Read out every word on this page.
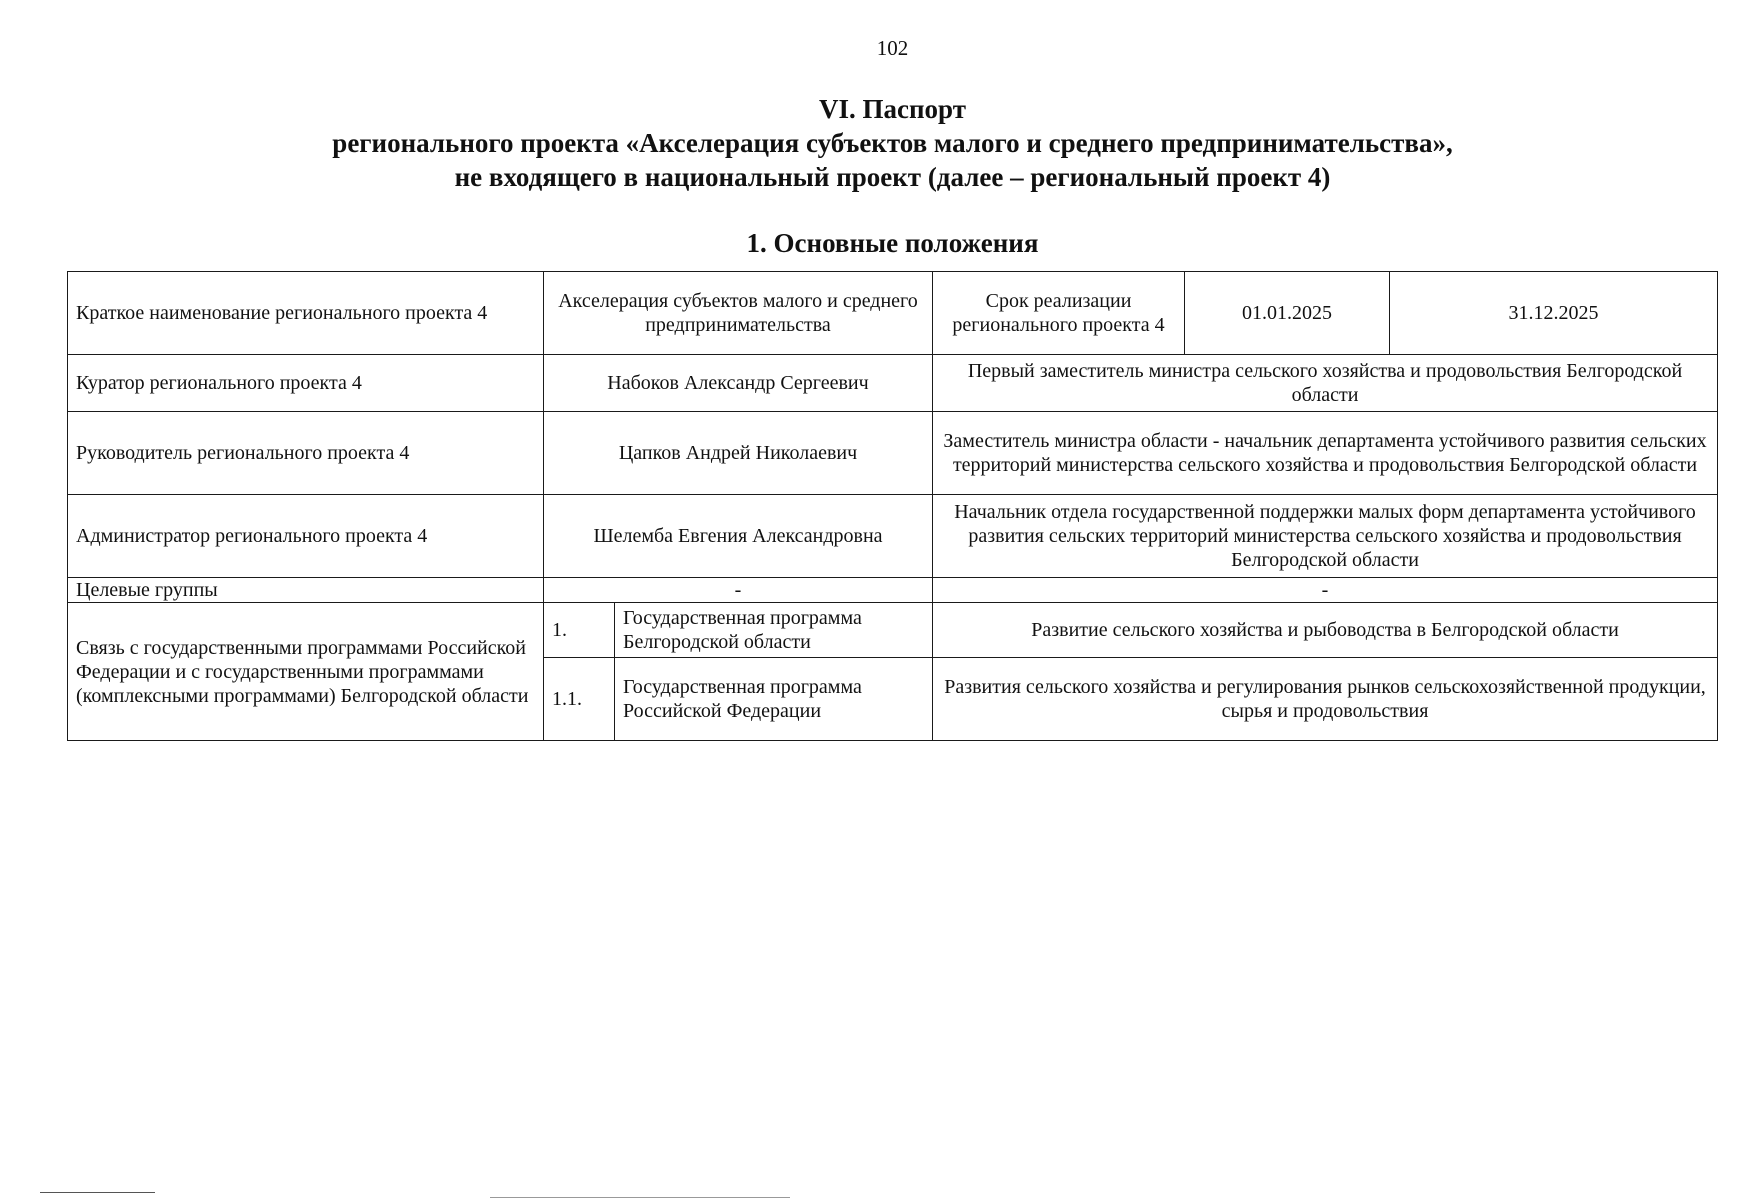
102
VI. Паспорт
регионального проекта «Акселерация субъектов малого и среднего предпринимательства»,
не входящего в национальный проект (далее – региональный проект 4)
1. Основные положения
Краткое наименование регионального проекта 4	Акселерация субъектов малого и среднего предпринимательства		Срок реализации регионального проекта 4	01.01.2025	31.12.2025
Куратор регионального проекта 4	Набоков Александр Сергеевич		Первый заместитель министра сельского хозяйства и продовольствия Белгородской области		
Руководитель регионального проекта 4	Цапков Андрей Николаевич		Заместитель министра области - начальник департамента устойчивого развития сельских территорий министерства сельского хозяйства и продовольствия Белгородской области		
Администратор регионального проекта 4	Шелемба Евгения Александровна		Начальник отдела государственной поддержки малых форм департамента устойчивого развития сельских территорий министерства сельского хозяйства и продовольствия Белгородской области		
Целевые группы	-		-		
Связь с государственными программами Российской Федерации и с государственными программами (комплексными программами) Белгородской области	1.	Государственная программа Белгородской области	Развитие сельского хозяйства и рыбоводства в Белгородской области		
	1.1.	Государственная программа Российской Федерации	Развития сельского хозяйства и регулирования рынков сельскохозяйственной продукции, сырья и продовольствия		
